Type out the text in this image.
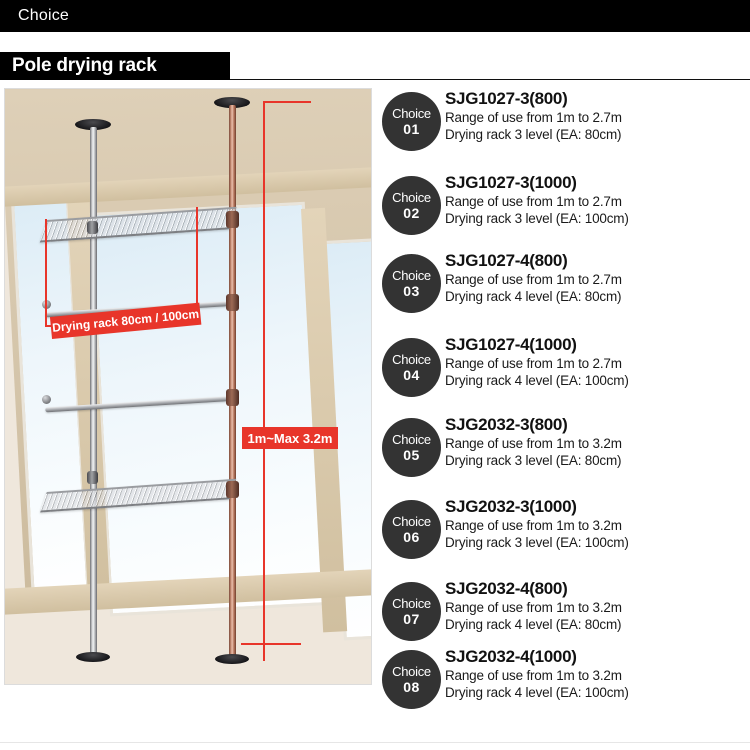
Choice
Pole drying rack
Drying rack 80cm / 100cm
1m~Max 3.2m
Choice
01
SJG1027-3(800)
Range of use from 1m to 2.7m
Drying rack 3 level (EA: 80cm)
Choice
02
SJG1027-3(1000)
Range of use from 1m to 2.7m
Drying rack 3 level (EA: 100cm)
Choice
03
SJG1027-4(800)
Range of use from 1m to 2.7m
Drying rack 4 level (EA: 80cm)
Choice
04
SJG1027-4(1000)
Range of use from 1m to 2.7m
Drying rack 4 level (EA: 100cm)
Choice
05
SJG2032-3(800)
Range of use from 1m to 3.2m
Drying rack 3 level (EA: 80cm)
Choice
06
SJG2032-3(1000)
Range of use from 1m to 3.2m
Drying rack 3 level (EA: 100cm)
Choice
07
SJG2032-4(800)
Range of use from 1m to 3.2m
Drying rack 4 level (EA: 80cm)
Choice
08
SJG2032-4(1000)
Range of use from 1m to 3.2m
Drying rack 4 level (EA: 100cm)
